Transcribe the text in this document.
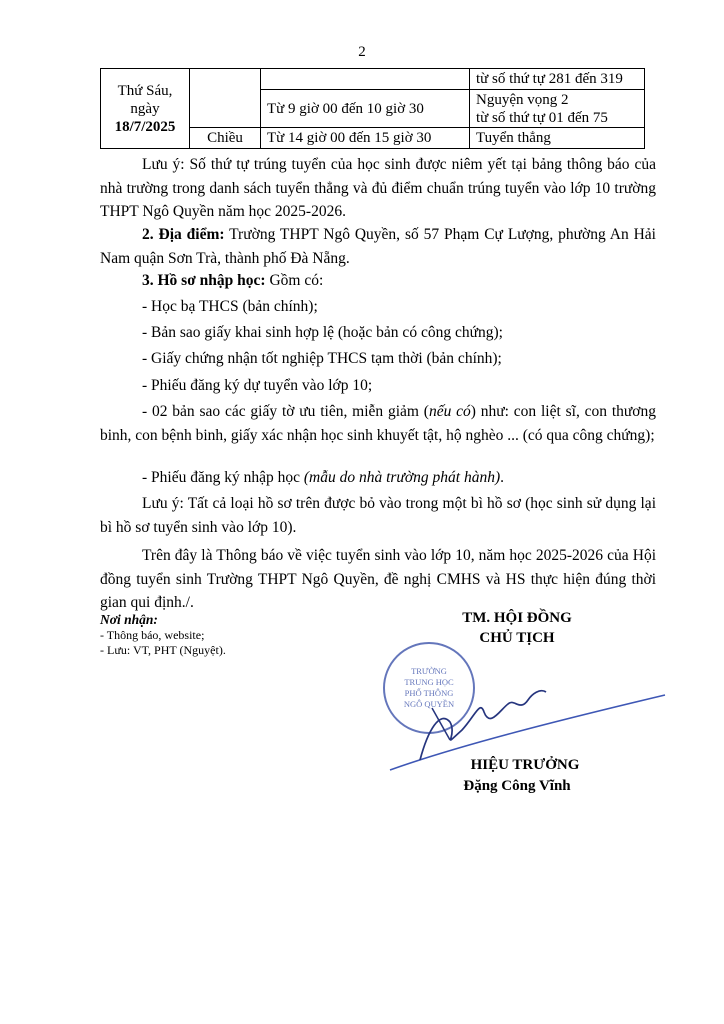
2
Thứ Sáu,
ngày
18/7/2025			từ số thứ tự 281 đến 319
		Từ 9 giờ 00 đến 10 giờ 30	Nguyện vọng 2
từ số thứ tự 01 đến 75

	Chiều	Từ 14 giờ 00 đến 15 giờ 30	Tuyển thẳng
Lưu ý: Số thứ tự trúng tuyển của học sinh được niêm yết tại bảng thông báo của nhà trường trong danh sách tuyển thẳng và đủ điểm chuẩn trúng tuyển vào lớp 10 trường THPT Ngô Quyền năm học 2025-2026.
2. Địa điểm: Trường THPT Ngô Quyền, số 57 Phạm Cự Lượng, phường An Hải Nam quận Sơn Trà, thành phố Đà Nẵng.
3. Hồ sơ nhập học: Gồm có:
- Học bạ THCS (bản chính);
- Bản sao giấy khai sinh hợp lệ (hoặc bản có công chứng);
- Giấy chứng nhận tốt nghiệp THCS tạm thời (bản chính);
- Phiếu đăng ký dự tuyển vào lớp 10;
- 02 bản sao các giấy tờ ưu tiên, miễn giảm (nếu có) như: con liệt sĩ, con thương binh, con bệnh binh, giấy xác nhận học sinh khuyết tật, hộ nghèo ... (có qua công chứng);
- Phiếu đăng ký nhập học (mẫu do nhà trường phát hành).
Lưu ý: Tất cả loại hồ sơ trên được bỏ vào trong một bì hồ sơ (học sinh sử dụng lại bì hồ sơ tuyển sinh vào lớp 10).
Trên đây là Thông báo về việc tuyển sinh vào lớp 10, năm học 2025-2026 của Hội đồng tuyển sinh Trường THPT Ngô Quyền, đề nghị CMHS và HS thực hiện đúng thời gian qui định./.
Nơi nhận:
- Thông báo, website;
- Lưu: VT, PHT (Nguyệt).
TM. HỘI ĐỒNG
CHỦ TỊCH
TRƯỜNG
TRUNG HỌC
PHỔ THÔNG
NGÔ QUYỀN
HIỆU TRƯỞNG
Đặng Công Vĩnh
